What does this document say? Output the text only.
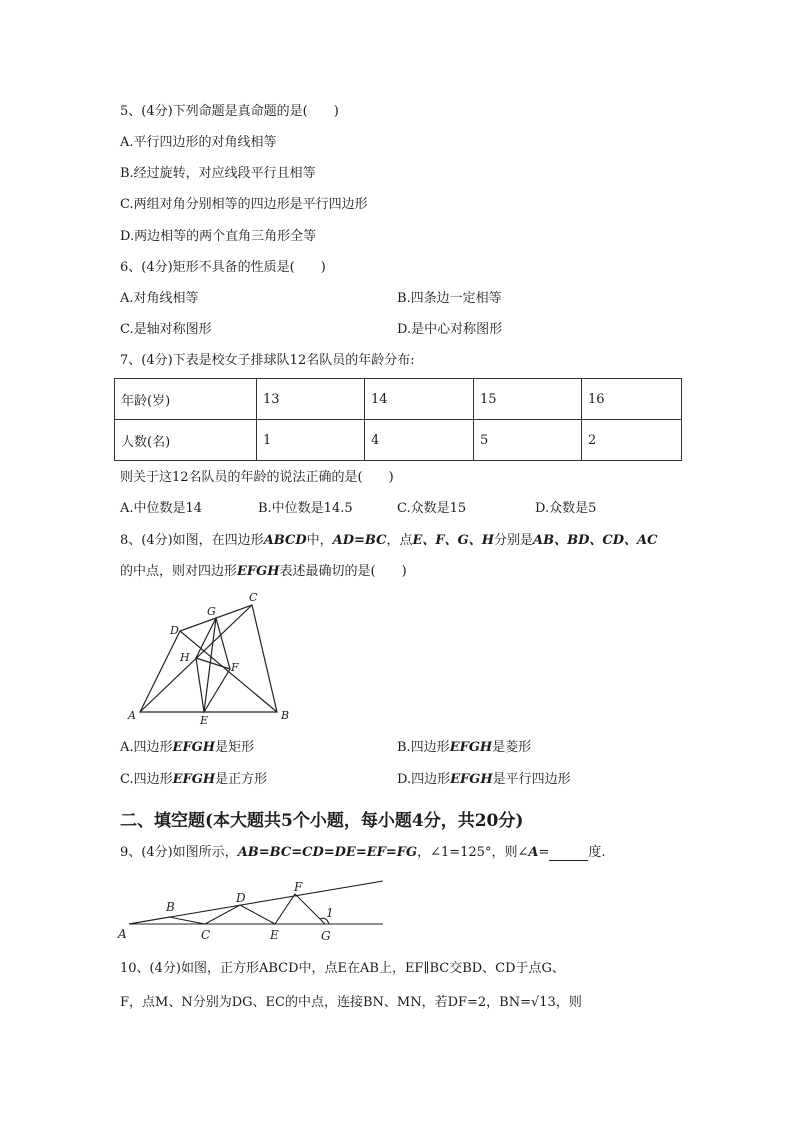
5、(4分)下列命题是真命题的是(　　)
A.平行四边形的对角线相等
B.经过旋转，对应线段平行且相等
C.两组对角分别相等的四边形是平行四边形
D.两边相等的两个直角三角形全等
6、(4分)矩形不具备的性质是(　　)
A.对角线相等	B.四条边一定相等
C.是轴对称图形	D.是中心对称图形
7、(4分)下表是校女子排球队12名队员的年龄分布:
年龄(岁)	13	14	15	16
人数(名)	1	4	5	2
则关于这12名队员的年龄的说法正确的是(　　)
A.中位数是14	B.中位数是14.5	C.众数是15	D.众数是5
8、(4分)如图，在四边形ABCD中，AD=BC，点E、F、G、H分别是AB、BD、CD、AC
的中点，则对四边形EFGH表述最确切的是(　　)
A	B
C
D
E
F
G
H
A.四边形EFGH是矩形	B.四边形EFGH是菱形
C.四边形EFGH是正方形	D.四边形EFGH是平行四边形
二、填空题(本大题共5个小题，每小题4分，共20分)
9、(4分)如图所示，AB=BC=CD=DE=EF=FG，∠1=125°，则∠A=   	度.
A
B
C
D
E
F
G
1
10、(4分)如图，正方形ABCD中，点E在AB上，EF∥BC交BD、CD于点G、
F，点M、N分别为DG、EC的中点，连接BN、MN，若DF=2，BN=√13，则
